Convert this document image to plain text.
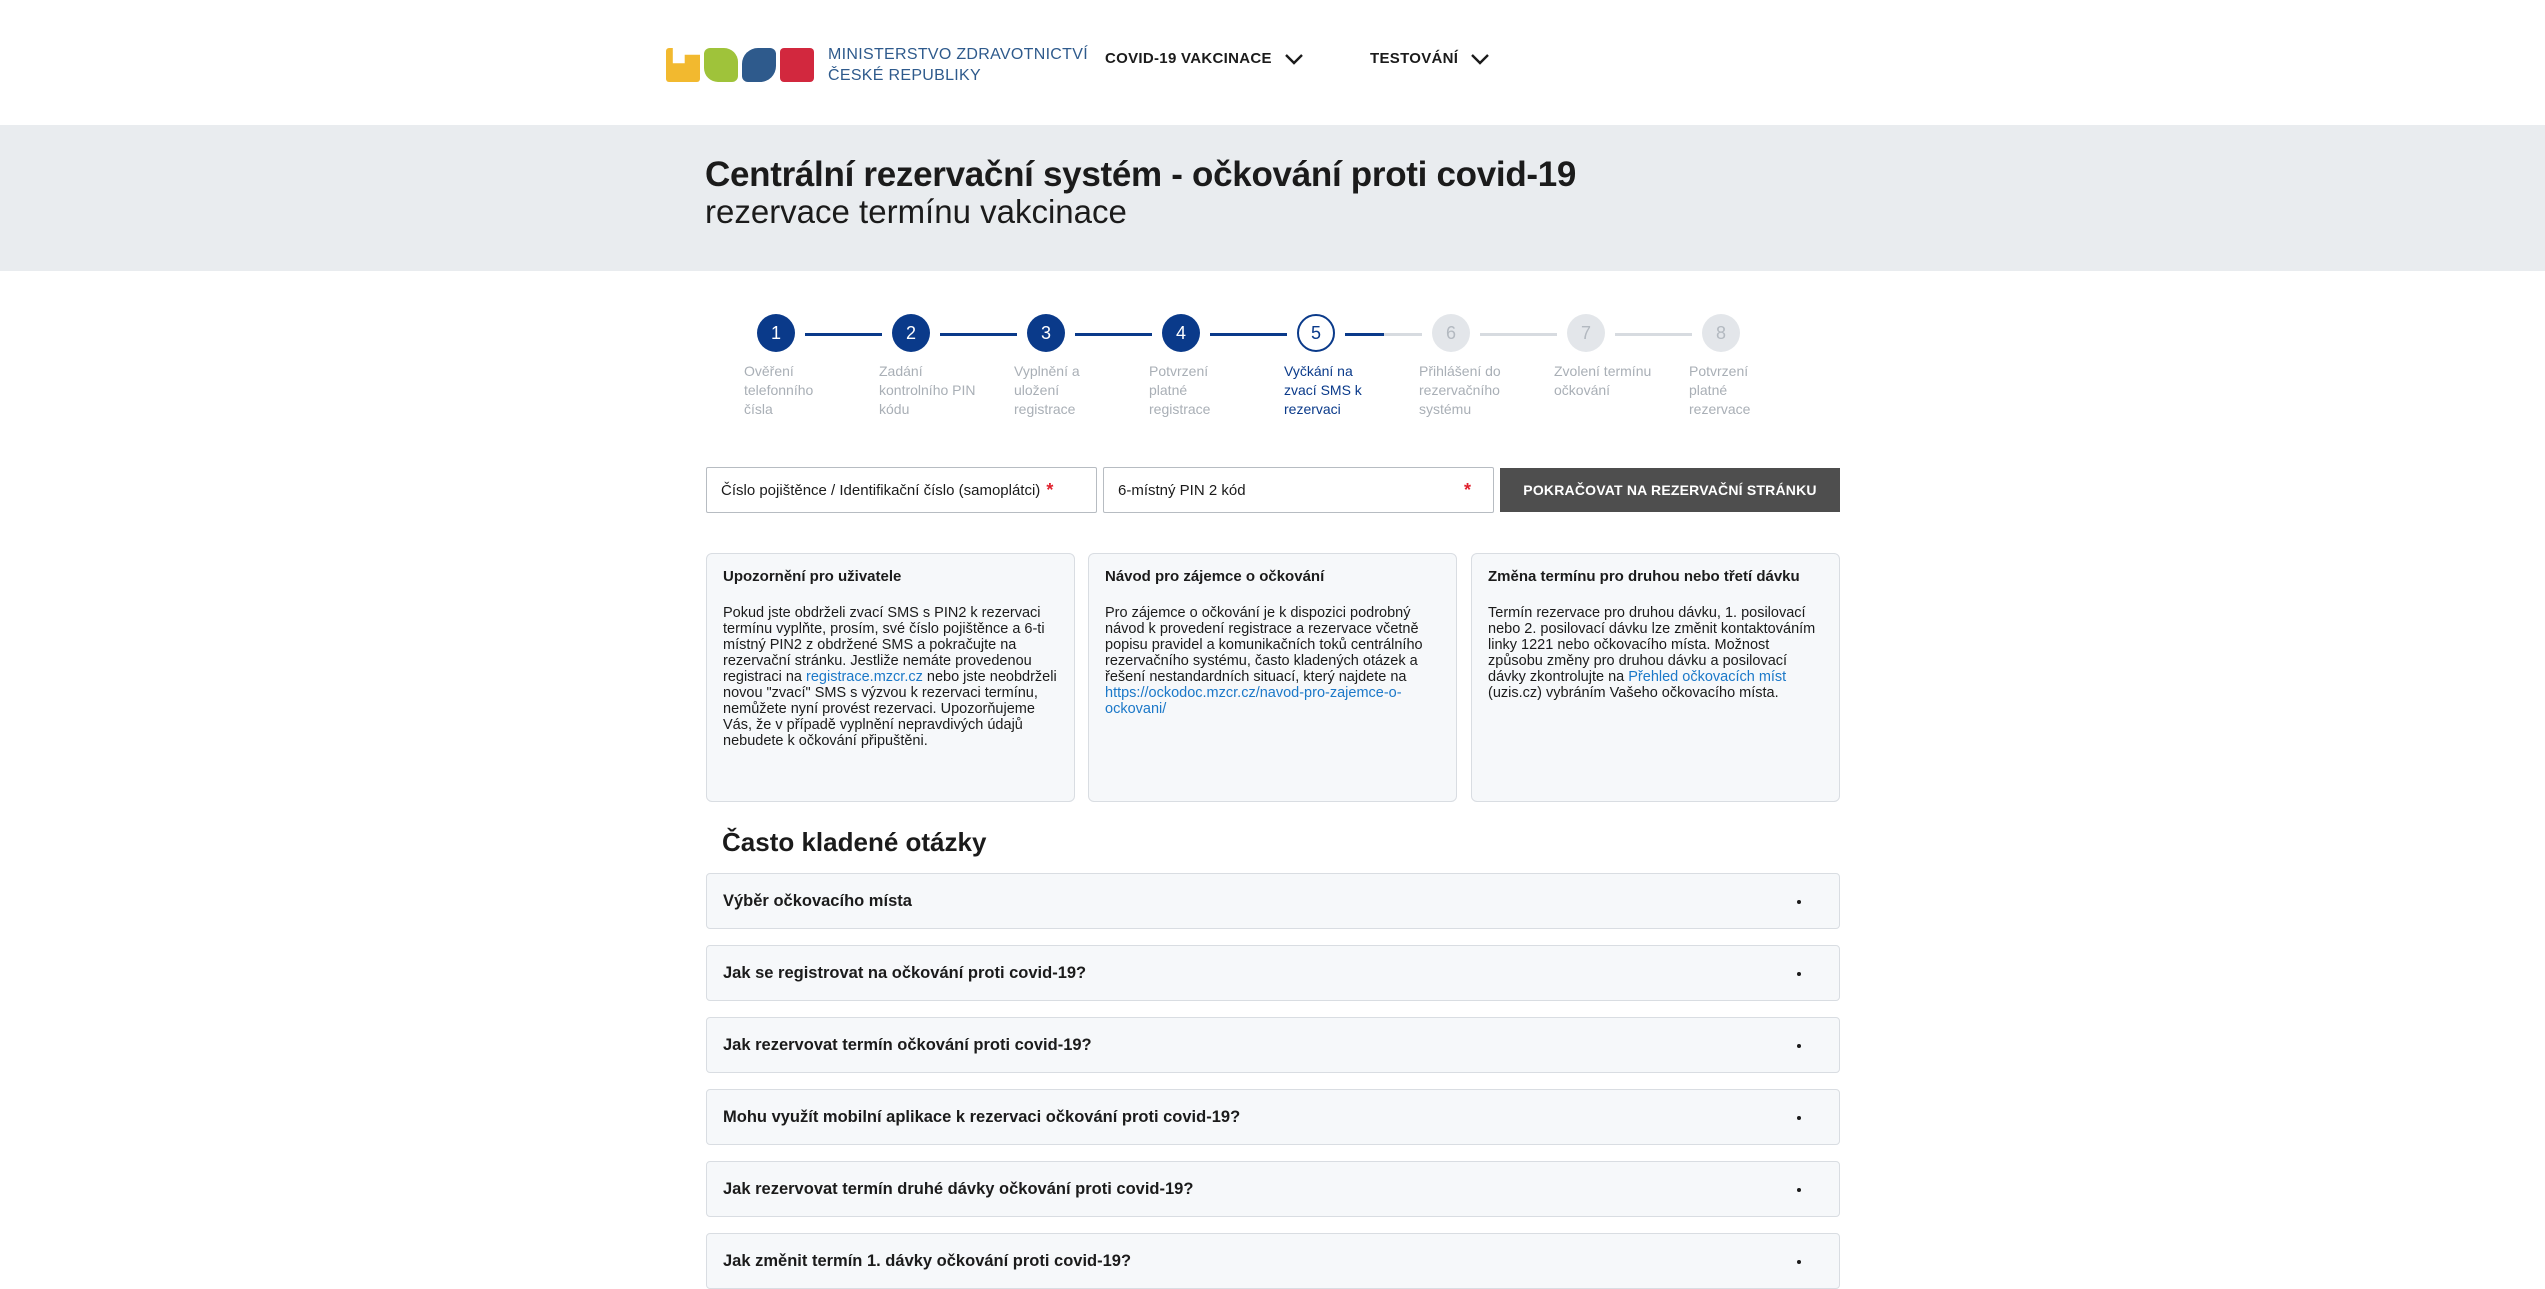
MINISTERSTVO ZDRAVOTNICTVÍ
ČESKÉ REPUBLIKY
COVID-19 VAKCINACE	TESTOVÁNÍ
Centrální rezervační systém - očkování proti covid-19
rezervace termínu vakcinace
1
Ověření telefonního čísla
2
Zadání kontrolního PIN kódu
3
Vyplnění a uložení registrace
4
Potvrzení platné registrace
5
Vyčkání na zvací SMS k rezervaci
6
Přihlášení do rezervačního systému
7
Zvolení termínu očkování
8
Potvrzení platné rezervace
Číslo pojištěnce / Identifikační číslo (samoplátci) *	6-místný PIN 2 kód	*	POKRAČOVAT NA REZERVAČNÍ STRÁNKU
Upozornění pro uživatele

Pokud jste obdrželi zvací SMS s PIN2 k rezervaci termínu vyplňte, prosím, své číslo pojištěnce a 6-ti místný PIN2 z obdržené SMS a pokračujte na rezervační stránku. Jestliže nemáte provedenou registraci na registrace.mzcr.cz nebo jste neobdrželi novou "zvací" SMS s výzvou k rezervaci termínu, nemůžete nyní provést rezervaci. Upozorňujeme Vás, že v případě vyplnění nepravdivých údajů nebudete k očkování připuštěni.

Návod pro zájemce o očkování

Pro zájemce o očkování je k dispozici podrobný návod k provedení registrace a rezervace včetně popisu pravidel a komunikačních toků centrálního rezervačního systému, často kladených otázek a řešení nestandardních situací, který najdete na https://ockodoc.mzcr.cz/navod-pro-zajemce-o-ockovani/

Změna termínu pro druhou nebo třetí dávku

Termín rezervace pro druhou dávku, 1. posilovací nebo 2. posilovací dávku lze změnit kontaktováním linky 1221 nebo očkovacího místa. Možnost způsobu změny pro druhou dávku a posilovací dávky zkontrolujte na Přehled očkovacích míst (uzis.cz) vybráním Vašeho očkovacího místa.

Často kladené otázky
Výběr očkovacího místa
Jak se registrovat na očkování proti covid-19?
Jak rezervovat termín očkování proti covid-19?
Mohu využít mobilní aplikace k rezervaci očkování proti covid-19?
Jak rezervovat termín druhé dávky očkování proti covid-19?
Jak změnit termín 1. dávky očkování proti covid-19?
